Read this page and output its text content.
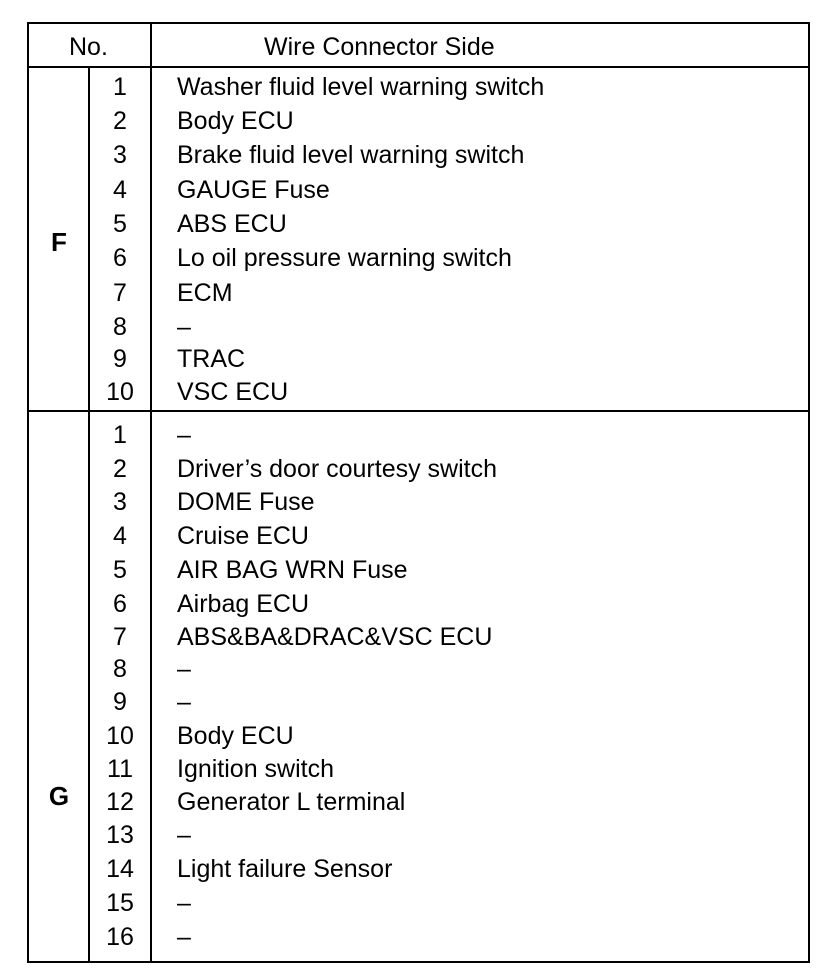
No.	Wire Connector Side
F
1	Washer fluid level warning switch
2	Body ECU
3	Brake fluid level warning switch
4	GAUGE Fuse
5	ABS ECU
6	Lo oil pressure warning switch
7	ECM
8	–
9	TRAC
10	VSC ECU
G
1	–
2	Driver’s door courtesy switch
3	DOME Fuse
4	Cruise ECU
5	AIR BAG WRN Fuse
6	Airbag ECU
7	ABS&BA&DRAC&VSC ECU
8	–
9	–
10	Body ECU
11	Ignition switch
12	Generator L terminal
13	–
14	Light failure Sensor
15	–
16	–
